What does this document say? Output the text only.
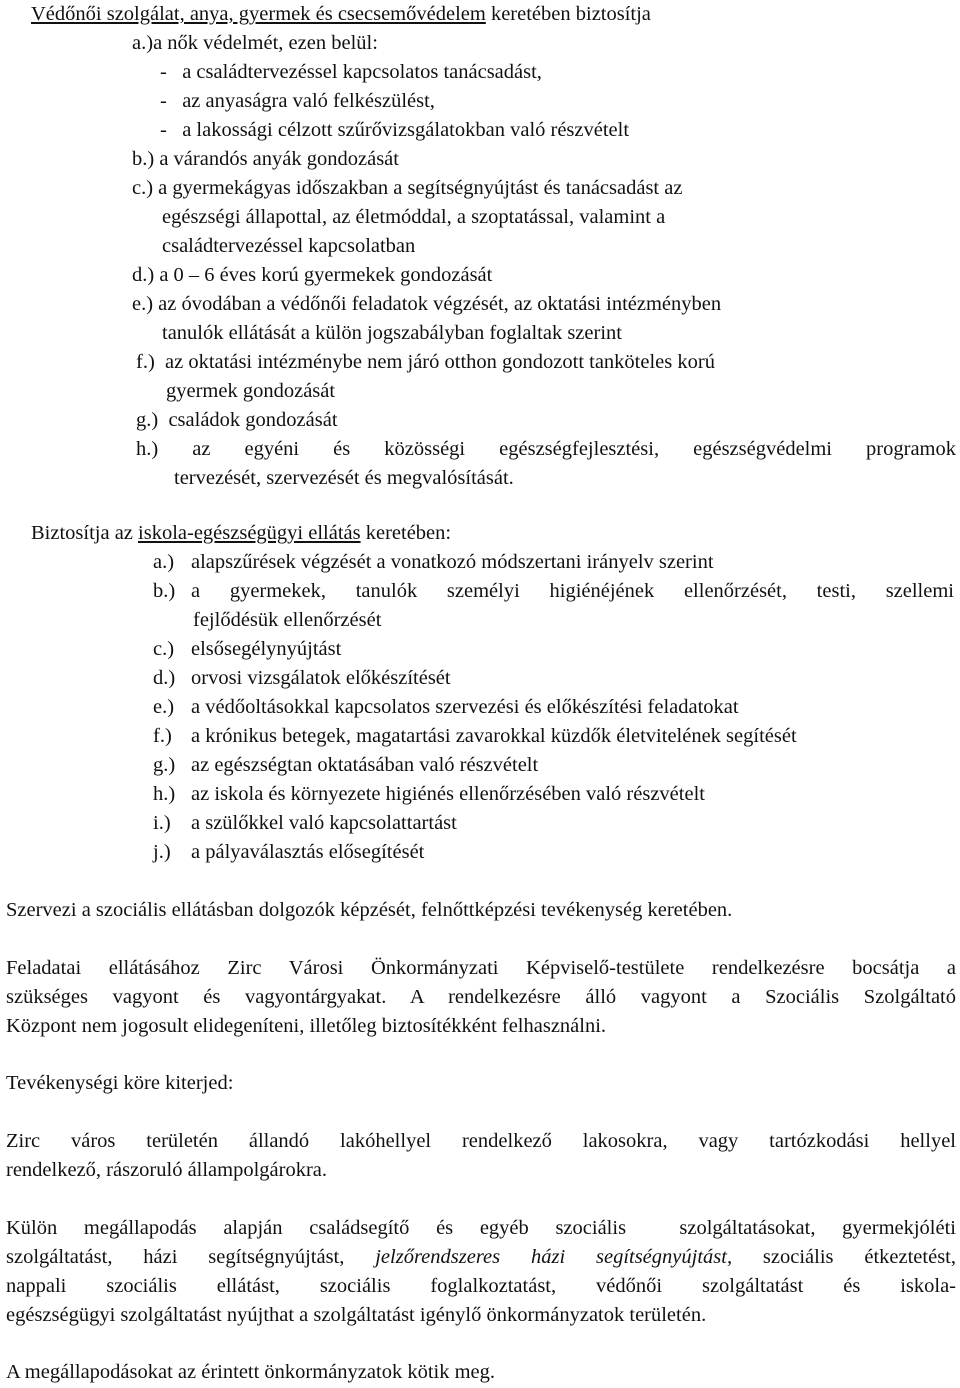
Védőnői szolgálat, anya, gyermek és csecsemővédelem keretében biztosítja

a.)a nők védelmét, ezen belül:

-   a családtervezéssel kapcsolatos tanácsadást,

-   az anyaságra való felkészülést,

-   a lakossági célzott szűrővizsgálatokban való részvételt

b.) a várandós anyák gondozását

c.) a gyermekágyas időszakban a segítségnyújtást és tanácsadást az

egészségi állapottal, az életmóddal, a szoptatással, valamint a

családtervezéssel kapcsolatban

d.) a 0 – 6 éves korú gyermekek gondozását

e.) az óvodában a védőnői feladatok végzését, az oktatási intézményben

tanulók ellátását a külön jogszabályban foglaltak szerint

f.)  az oktatási intézménybe nem járó otthon gondozott tanköteles korú

gyermek gondozását

g.)  családok gondozását

h.) az egyéni és közösségi egészségfejlesztési, egészségvédelmi programok

tervezését, szervezését és megvalósítását.

Biztosítja az iskola-egészségügyi ellátás keretében:

a.) alapszűrések végzését a vonatkozó módszertani irányelv szerint

b.) a gyermekek, tanulók személyi higiénéjének ellenőrzését, testi, szellemi

fejlődésük ellenőrzését

c.) elsősegélynyújtást

d.) orvosi vizsgálatok előkészítését

e.) a védőoltásokkal kapcsolatos szervezési és előkészítési feladatokat

f.) a krónikus betegek, magatartási zavarokkal küzdők életvitelének segítését

g.) az egészségtan oktatásában való részvételt

h.) az iskola és környezete higiénés ellenőrzésében való részvételt

i.) a szülőkkel való kapcsolattartást

j.) a pályaválasztás elősegítését

Szervezi a szociális ellátásban dolgozók képzését, felnőttképzési tevékenység keretében.

Feladatai ellátásához Zirc Városi Önkormányzati Képviselő-testülete rendelkezésre bocsátja a

szükséges vagyont és vagyontárgyakat. A rendelkezésre álló vagyont a Szociális Szolgáltató

Központ nem jogosult elidegeníteni, illetőleg biztosítékként felhasználni.

Tevékenységi köre kiterjed:

Zirc város területén állandó lakóhellyel rendelkező lakosokra, vagy tartózkodási hellyel

rendelkező, rászoruló állampolgárokra.

Külön megállapodás alapján családsegítő és egyéb szociális  szolgáltatásokat, gyermekjóléti

szolgáltatást, házi segítségnyújtást, jelzőrendszeres házi segítségnyújtást, szociális étkeztetést,

nappali szociális ellátást, szociális foglalkoztatást, védőnői szolgáltatást és iskola-

egészségügyi szolgáltatást nyújthat a szolgáltatást igénylő önkormányzatok területén.

A megállapodásokat az érintett önkormányzatok kötik meg.
